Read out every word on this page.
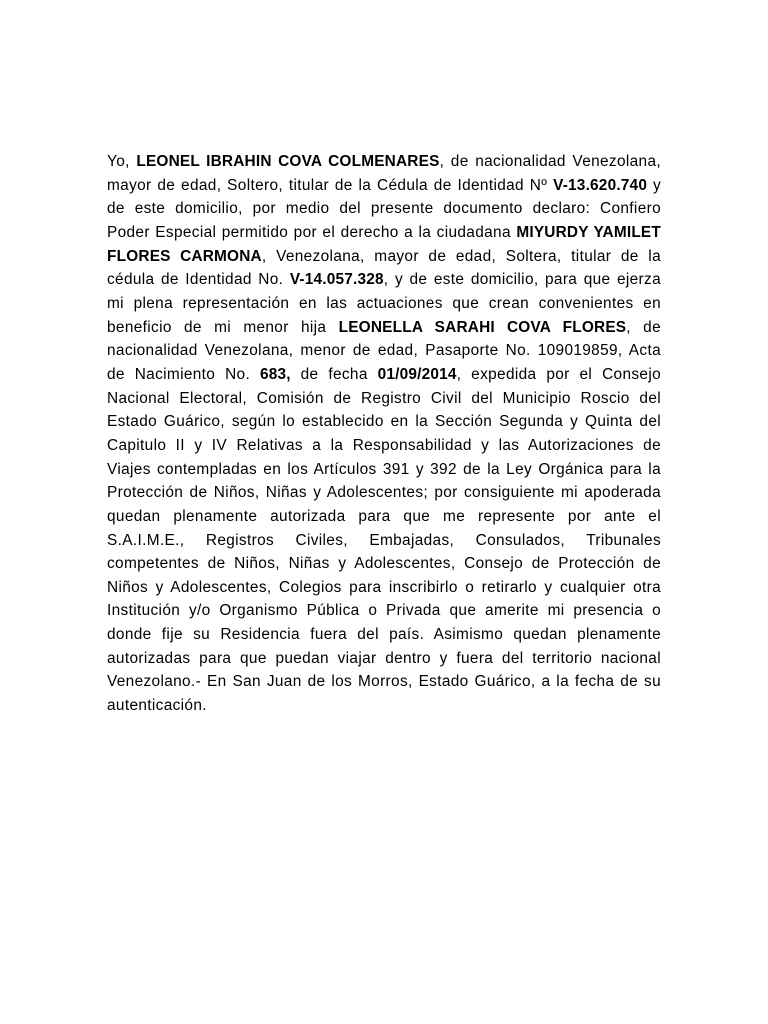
Yo, LEONEL IBRAHIN COVA COLMENARES, de nacionalidad Venezolana, mayor de edad, Soltero, titular de la Cédula de Identidad Nº V-13.620.740 y de este domicilio, por medio del presente documento declaro: Confiero Poder Especial permitido por el derecho a la ciudadana MIYURDY YAMILET FLORES CARMONA, Venezolana, mayor de edad, Soltera, titular de la cédula de Identidad No. V-14.057.328, y de este domicilio, para que ejerza mi plena representación en las actuaciones que crean convenientes en beneficio de mi menor hija LEONELLA SARAHI COVA FLORES, de nacionalidad Venezolana, menor de edad, Pasaporte No. 109019859, Acta de Nacimiento No. 683, de fecha 01/09/2014, expedida por el Consejo Nacional Electoral, Comisión de Registro Civil del Municipio Roscio del Estado Guárico, según lo establecido en la Sección Segunda y Quinta del Capitulo II y IV Relativas a la Responsabilidad y las Autorizaciones de Viajes contempladas en los Artículos 391 y 392 de la Ley Orgánica para la Protección de Niños, Niñas y Adolescentes; por consiguiente mi apoderada quedan plenamente autorizada para que me represente por ante el S.A.I.M.E., Registros Civiles, Embajadas, Consulados, Tribunales competentes de Niños, Niñas y Adolescentes, Consejo de Protección de Niños y Adolescentes, Colegios para inscribirlo o retirarlo y cualquier otra Institución y/o Organismo Pública o Privada que amerite mi presencia o donde fije su Residencia fuera del país. Asimismo quedan plenamente autorizadas para que puedan viajar dentro y fuera del territorio nacional Venezolano.- En San Juan de los Morros, Estado Guárico, a la fecha de su autenticación.
